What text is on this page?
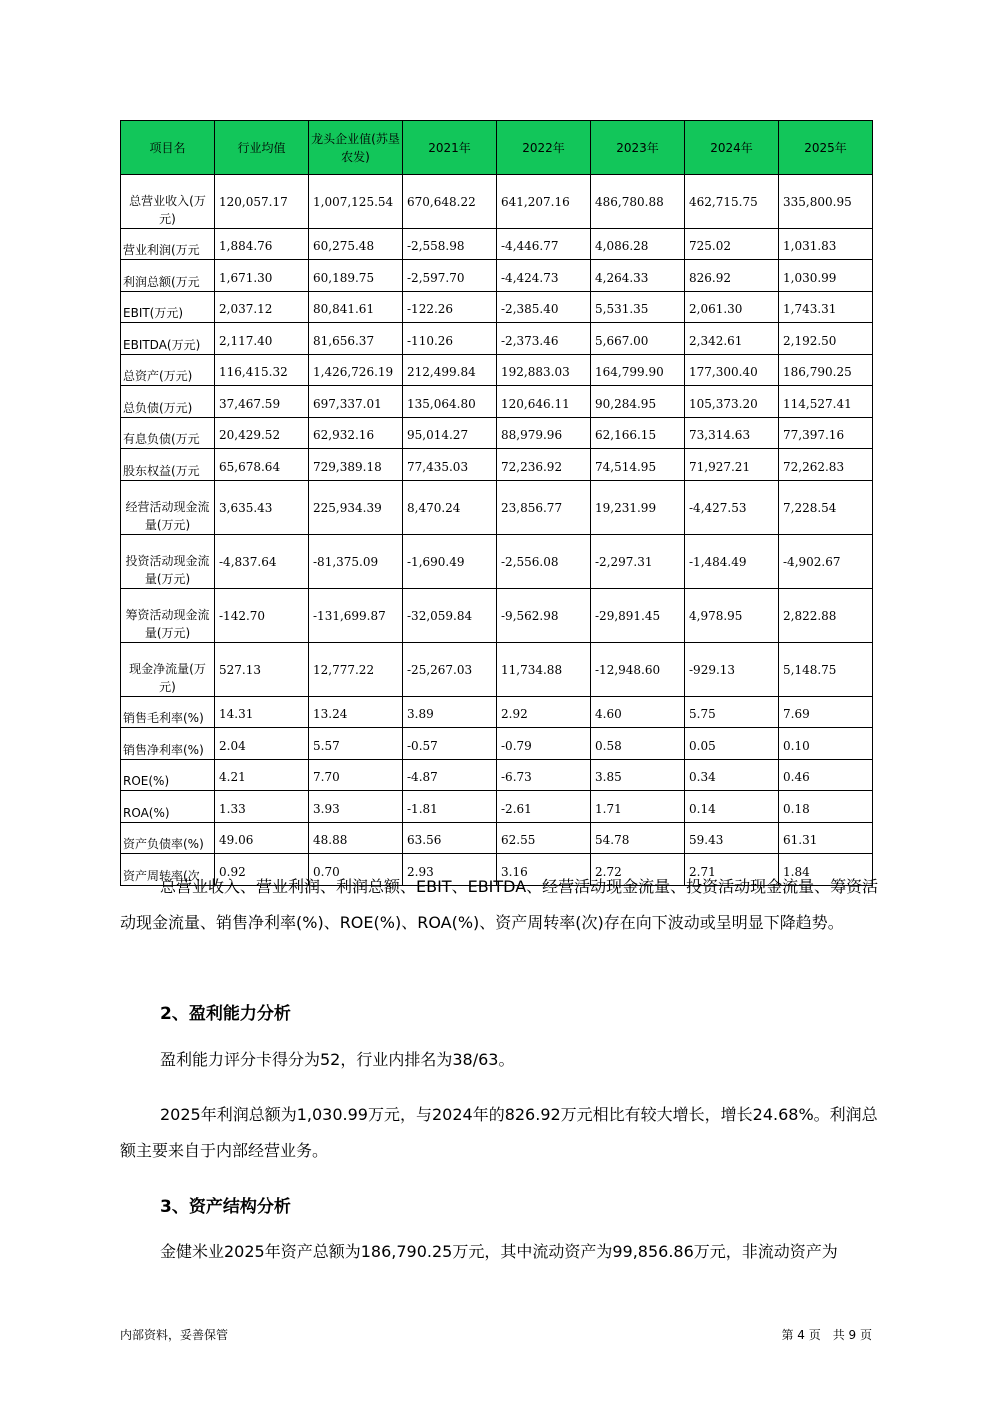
项目名	行业均值	龙头企业值(苏垦农发)	2021年	2022年	2023年	2024年	2025年
总营业收入(万元)	120,057.17	1,007,125.54	670,648.22	641,207.16	486,780.88	462,715.75	335,800.95
营业利润(万元	1,884.76	60,275.48	-2,558.98	-4,446.77	4,086.28	725.02	1,031.83
利润总额(万元	1,671.30	60,189.75	-2,597.70	-4,424.73	4,264.33	826.92	1,030.99
EBIT(万元)	2,037.12	80,841.61	-122.26	-2,385.40	5,531.35	2,061.30	1,743.31
EBITDA(万元)	2,117.40	81,656.37	-110.26	-2,373.46	5,667.00	2,342.61	2,192.50
总资产(万元)	116,415.32	1,426,726.19	212,499.84	192,883.03	164,799.90	177,300.40	186,790.25
总负债(万元)	37,467.59	697,337.01	135,064.80	120,646.11	90,284.95	105,373.20	114,527.41
有息负债(万元	20,429.52	62,932.16	95,014.27	88,979.96	62,166.15	73,314.63	77,397.16
股东权益(万元	65,678.64	729,389.18	77,435.03	72,236.92	74,514.95	71,927.21	72,262.83
经营活动现金流量(万元)	3,635.43	225,934.39	8,470.24	23,856.77	19,231.99	-4,427.53	7,228.54
投资活动现金流量(万元)	-4,837.64	-81,375.09	-1,690.49	-2,556.08	-2,297.31	-1,484.49	-4,902.67
筹资活动现金流量(万元)	-142.70	-131,699.87	-32,059.84	-9,562.98	-29,891.45	4,978.95	2,822.88
现金净流量(万元)	527.13	12,777.22	-25,267.03	11,734.88	-12,948.60	-929.13	5,148.75
销售毛利率(%)	14.31	13.24	3.89	2.92	4.60	5.75	7.69
销售净利率(%)	2.04	5.57	-0.57	-0.79	0.58	0.05	0.10
ROE(%)	4.21	7.70	-4.87	-6.73	3.85	0.34	0.46
ROA(%)	1.33	3.93	-1.81	-2.61	1.71	0.14	0.18
资产负债率(%)	49.06	48.88	63.56	62.55	54.78	59.43	61.31
资产周转率(次	0.92	0.70	2.93	3.16	2.72	2.71	1.84
总营业收入、营业利润、利润总额、EBIT、EBITDA、经营活动现金流量、投资活动现金流量、筹资活动现金流量、销售净利率(%)、ROE(%)、ROA(%)、资产周转率(次)存在向下波动或呈明显下降趋势。
2、盈利能力分析
盈利能力评分卡得分为52，行业内排名为38/63。
2025年利润总额为1,030.99万元，与2024年的826.92万元相比有较大增长，增长24.68%。利润总额主要来自于内部经营业务。
3、资产结构分析
金健米业2025年资产总额为186,790.25万元，其中流动资产为99,856.86万元，非流动资产为
内部资料，妥善保管	第 4 页　共 9 页
